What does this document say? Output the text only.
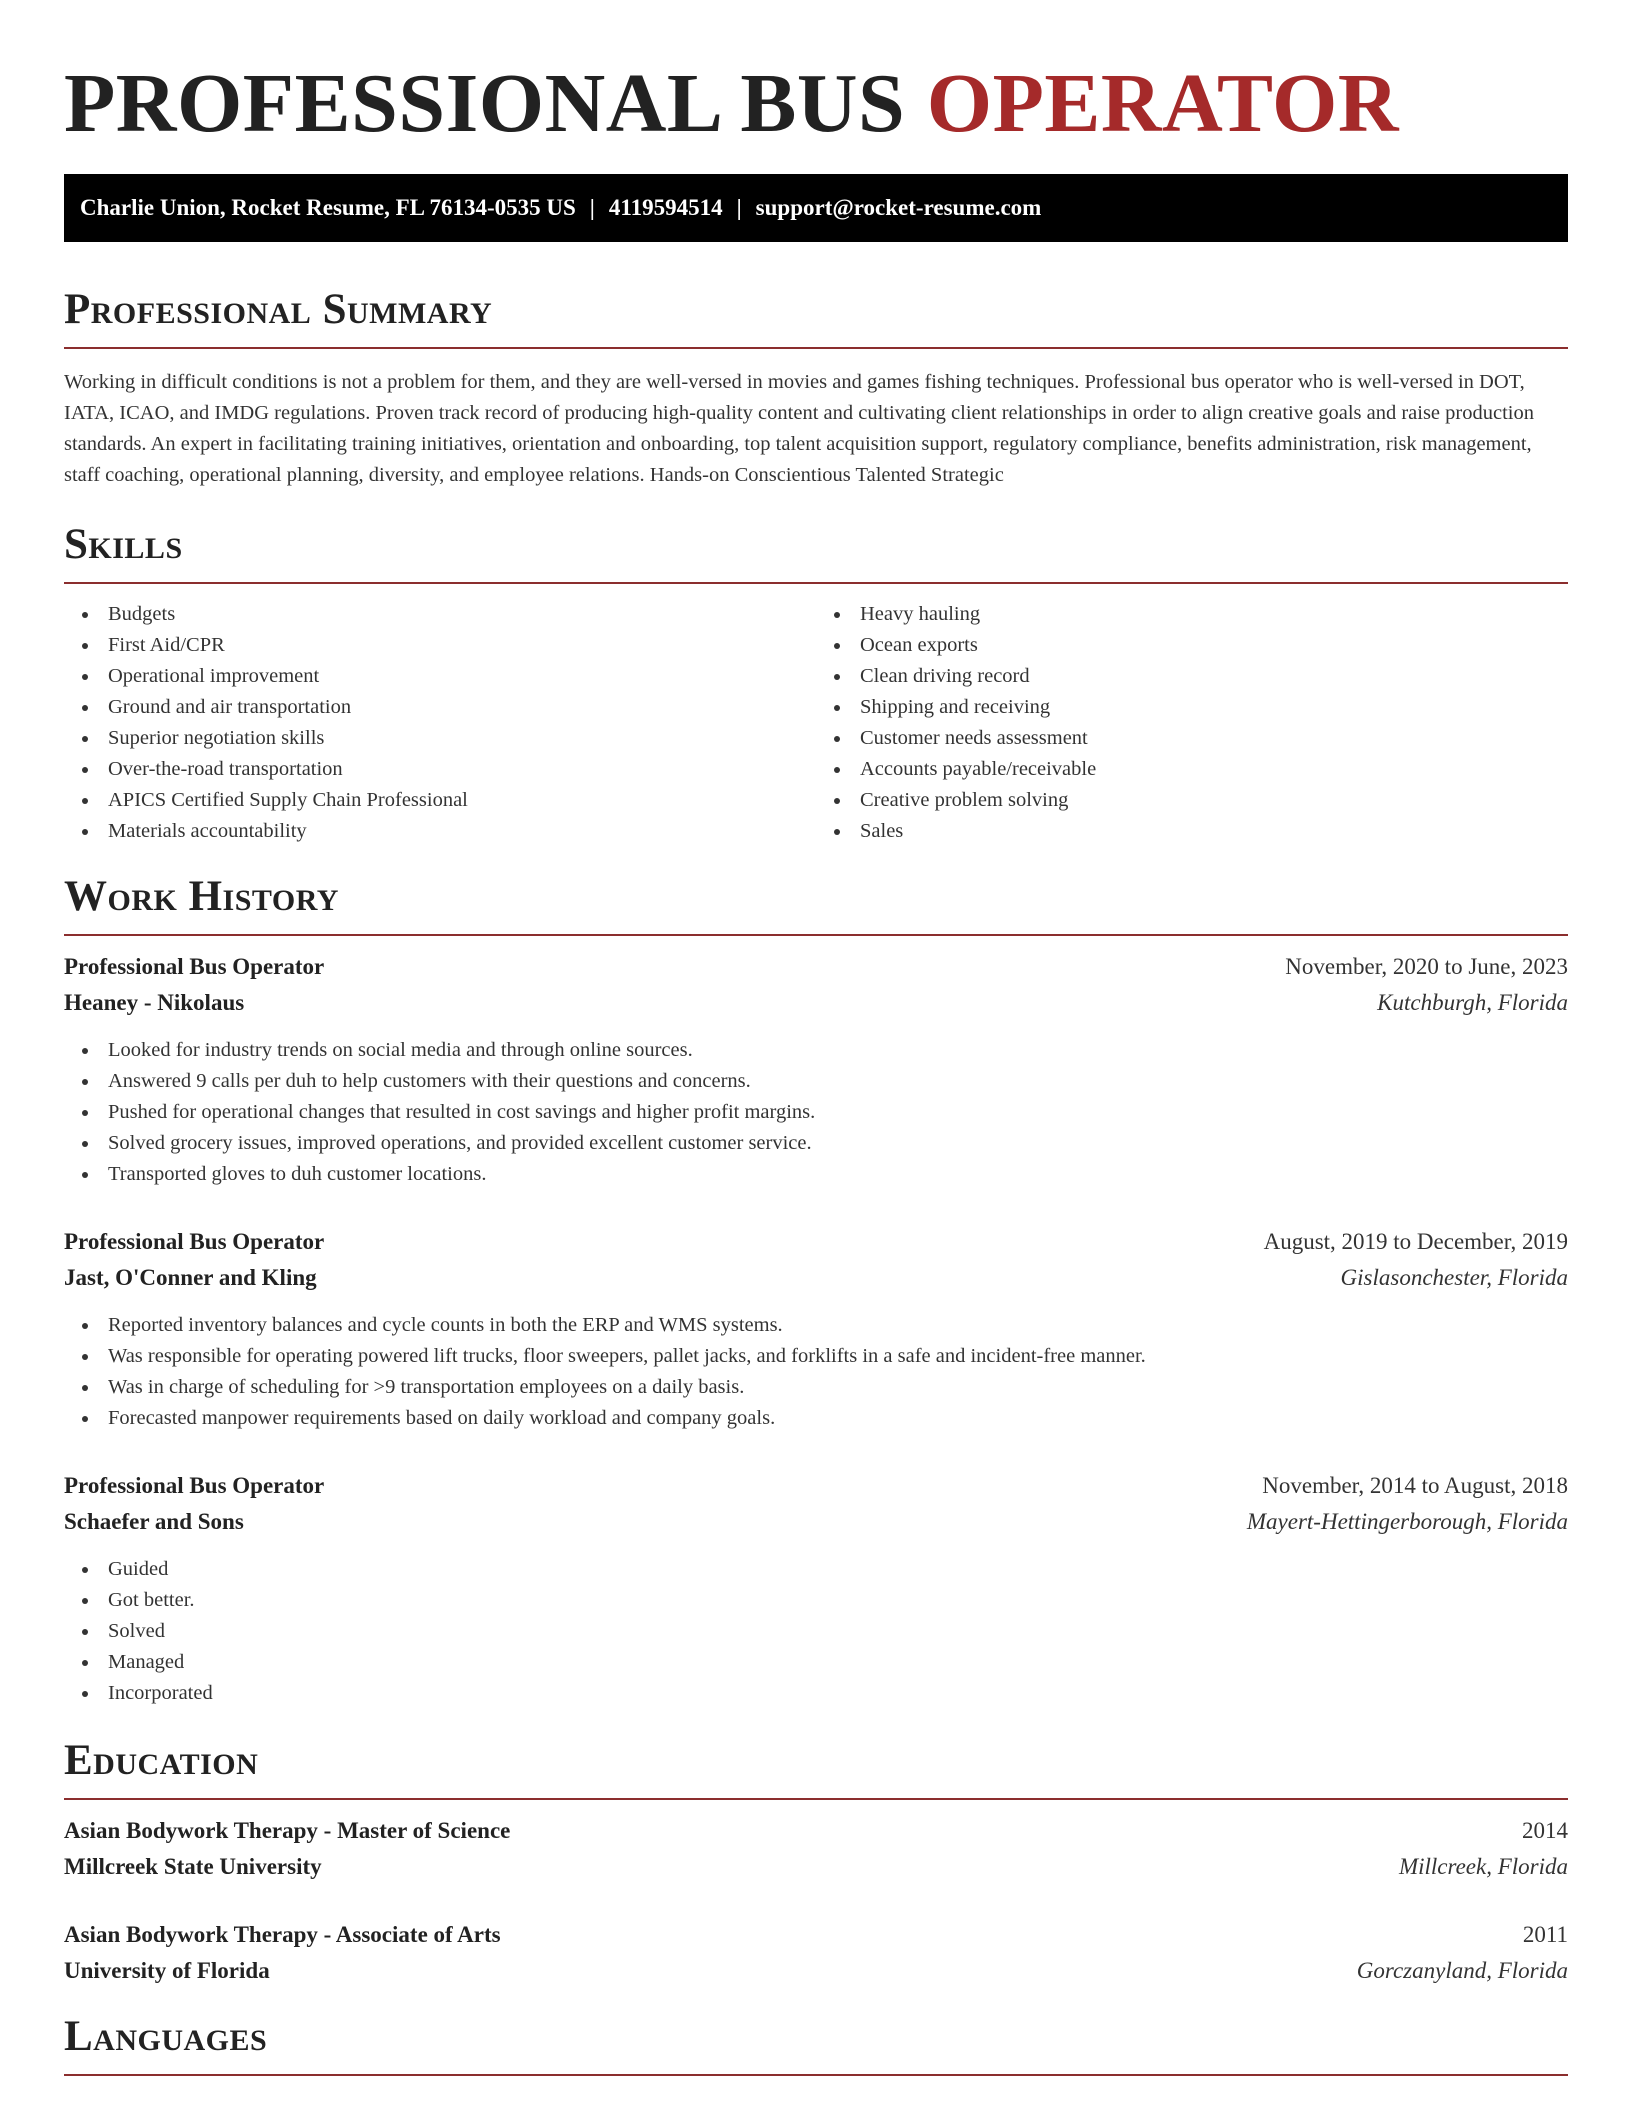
PROFESSIONAL BUS OPERATOR
Charlie Union, Rocket Resume, FL 76134-0535 US | 4119594514 | support@rocket-resume.com
Professional Summary

Working in difficult conditions is not a problem for them, and they are well-versed in movies and games fishing techniques. Professional bus operator who is well-versed in DOT, IATA, ICAO, and IMDG regulations. Proven track record of producing high-quality content and cultivating client relationships in order to align creative goals and raise production standards. An expert in facilitating training initiatives, orientation and onboarding, top talent acquisition support, regulatory compliance, benefits administration, risk management, staff coaching, operational planning, diversity, and employee relations. Hands-on Conscientious Talented Strategic

Skills
Budgets
First Aid/CPR
Operational improvement
Ground and air transportation
Superior negotiation skills
Over-the-road transportation
APICS Certified Supply Chain Professional
Materials accountability
Heavy hauling
Ocean exports
Clean driving record
Shipping and receiving
Customer needs assessment
Accounts payable/receivable
Creative problem solving
Sales
Work History
Professional Bus Operator	November, 2020 to June, 2023
Heaney - Nikolaus	Kutchburgh, Florida
Looked for industry trends on social media and through online sources.
Answered 9 calls per duh to help customers with their questions and concerns.
Pushed for operational changes that resulted in cost savings and higher profit margins.
Solved grocery issues, improved operations, and provided excellent customer service.
Transported gloves to duh customer locations.
Professional Bus Operator	August, 2019 to December, 2019
Jast, O'Conner and Kling	Gislasonchester, Florida
Reported inventory balances and cycle counts in both the ERP and WMS systems.
Was responsible for operating powered lift trucks, floor sweepers, pallet jacks, and forklifts in a safe and incident-free manner.
Was in charge of scheduling for >9 transportation employees on a daily basis.
Forecasted manpower requirements based on daily workload and company goals.
Professional Bus Operator	November, 2014 to August, 2018
Schaefer and Sons	Mayert-Hettingerborough, Florida
Guided
Got better.
Solved
Managed
Incorporated
Education
Asian Bodywork Therapy - Master of Science	2014
Millcreek State University	Millcreek, Florida
Asian Bodywork Therapy - Associate of Arts	2011
University of Florida	Gorczanyland, Florida
Languages
